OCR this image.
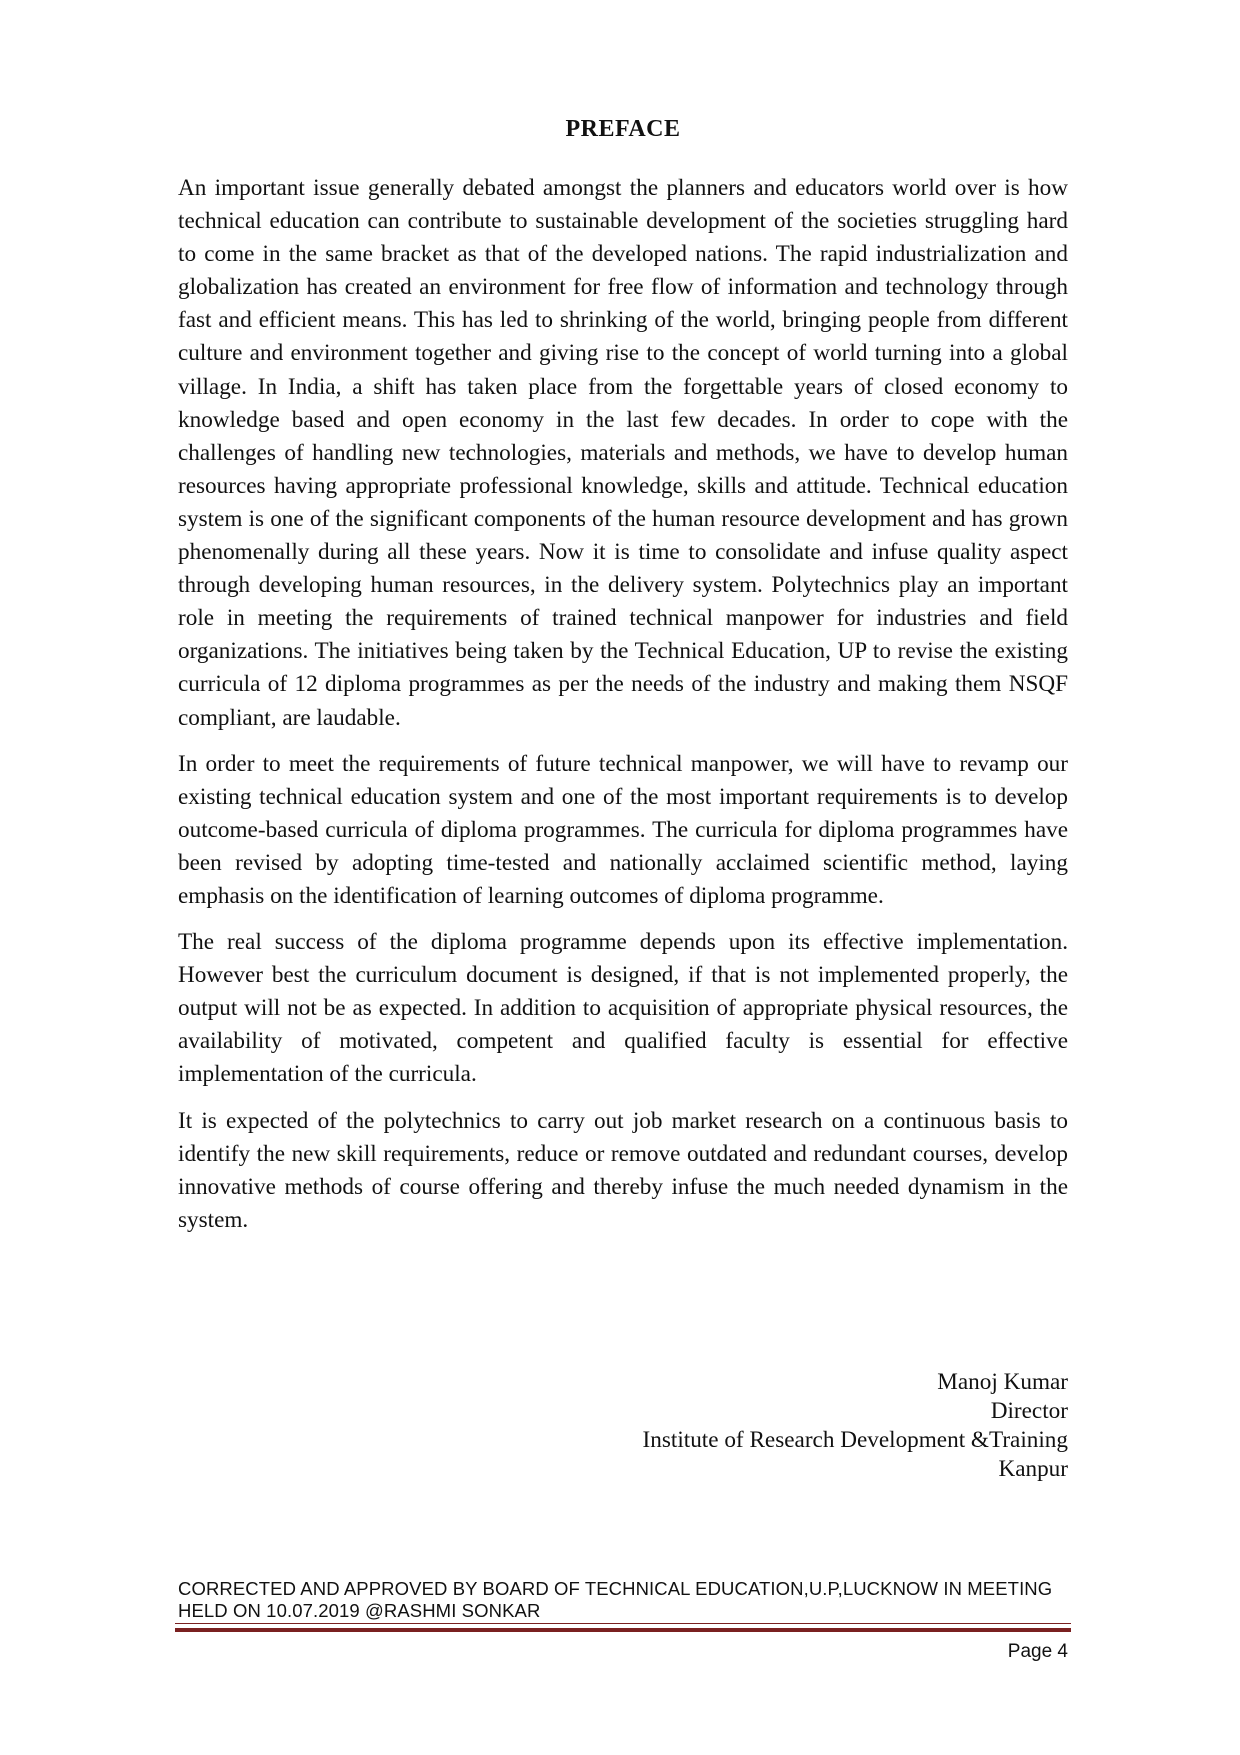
PREFACE

An important issue generally debated amongst the planners and educators world over is how technical education can contribute to sustainable development of the societies struggling hard to come in the same bracket as that of the developed nations. The rapid industrialization and globalization has created an environment for free flow of information and technology through fast and efficient means. This has led to shrinking of the world, bringing people from different culture and environment together and giving rise to the concept of world turning into a global village. In India, a shift has taken place from the forgettable years of closed economy to knowledge based and open economy in the last few decades. In order to cope with the challenges of handling new technologies, materials and methods, we have to develop human resources having appropriate professional knowledge, skills and attitude. Technical education system is one of the significant components of the human resource development and has grown phenomenally during all these years. Now it is time to consolidate and infuse quality aspect through developing human resources, in the delivery system. Polytechnics play an important role in meeting the requirements of trained technical manpower for industries and field organizations. The initiatives being taken by the Technical Education, UP to revise the existing curricula of 12 diploma programmes as per the needs of the industry and making them NSQF compliant, are laudable.

In order to meet the requirements of future technical manpower, we will have to revamp our existing technical education system and one of the most important requirements is to develop outcome-based curricula of diploma programmes. The curricula for diploma programmes have been revised by adopting time-tested and nationally acclaimed scientific method, laying emphasis on the identification of learning outcomes of diploma programme.

The real success of the diploma programme depends upon its effective implementation. However best the curriculum document is designed, if that is not implemented properly, the output will not be as expected. In addition to acquisition of appropriate physical resources, the availability of motivated, competent and qualified faculty is essential for effective implementation of the curricula.

It is expected of the polytechnics to carry out job market research on a continuous basis to identify the new skill requirements, reduce or remove outdated and redundant courses, develop innovative methods of course offering and thereby infuse the much needed dynamism in the system.

Manoj Kumar
Director
Institute of Research Development &Training
Kanpur
CORRECTED AND APPROVED BY BOARD OF TECHNICAL EDUCATION,U.P,LUCKNOW IN MEETING
HELD ON 10.07.2019 @RASHMI SONKAR
Page 4
